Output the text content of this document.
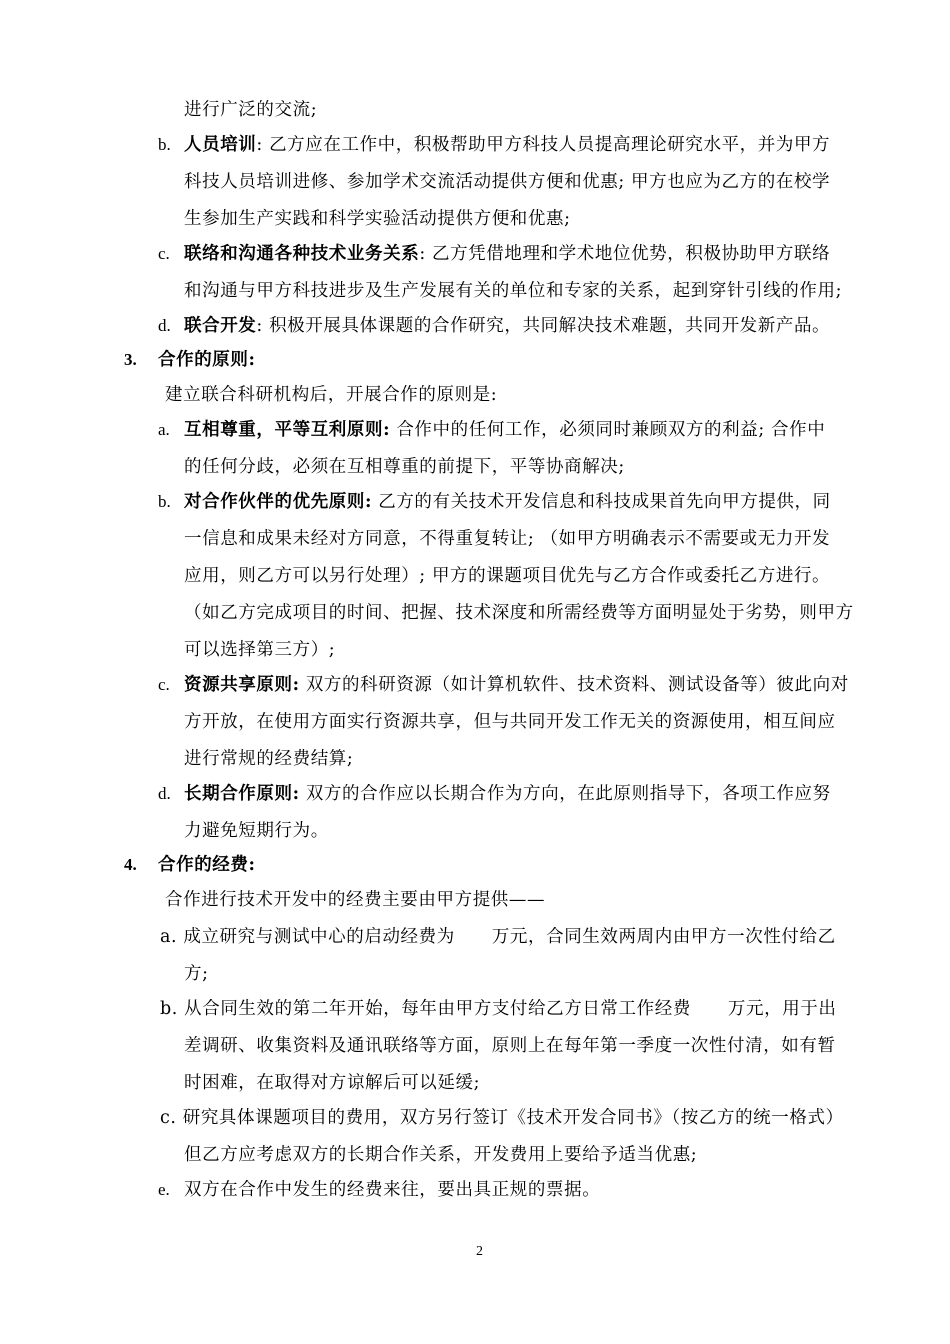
进行广泛的交流;
b. 人员培训: 乙方应在工作中，积极帮助甲方科技人员提高理论研究水平，并为甲方
科技人员培训进修、参加学术交流活动提供方便和优惠; 甲方也应为乙方的在校学
生参加生产实践和科学实验活动提供方便和优惠;
c. 联络和沟通各种技术业务关系: 乙方凭借地理和学术地位优势，积极协助甲方联络
和沟通与甲方科技进步及生产发展有关的单位和专家的关系，起到穿针引线的作用;
d. 联合开发: 积极开展具体课题的合作研究，共同解决技术难题，共同开发新产品。
3. 合作的原则:
建立联合科研机构后，开展合作的原则是:
a. 互相尊重，平等互利原则: 合作中的任何工作，必须同时兼顾双方的利益; 合作中
的任何分歧，必须在互相尊重的前提下，平等协商解决;
b. 对合作伙伴的优先原则: 乙方的有关技术开发信息和科技成果首先向甲方提供，同
一信息和成果未经对方同意，不得重复转让; （如甲方明确表示不需要或无力开发
应用，则乙方可以另行处理）; 甲方的课题项目优先与乙方合作或委托乙方进行。
（如乙方完成项目的时间、把握、技术深度和所需经费等方面明显处于劣势，则甲方
可以选择第三方）;
c. 资源共享原则: 双方的科研资源（如计算机软件、技术资料、测试设备等）彼此向对
方开放，在使用方面实行资源共享，但与共同开发工作无关的资源使用，相互间应
进行常规的经费结算;
d. 长期合作原则: 双方的合作应以长期合作为方向，在此原则指导下，各项工作应努
力避免短期行为。
4. 合作的经费:
合作进行技术开发中的经费主要由甲方提供——
a. 成立研究与测试中心的启动经费为      万元，合同生效两周内由甲方一次性付给乙
方;
b. 从合同生效的第二年开始，每年由甲方支付给乙方日常工作经费      万元，用于出
差调研、收集资料及通讯联络等方面，原则上在每年第一季度一次性付清，如有暂
时困难，在取得对方谅解后可以延缓;
c. 研究具体课题项目的费用，双方另行签订《技术开发合同书》（按乙方的统一格式）
但乙方应考虑双方的长期合作关系，开发费用上要给予适当优惠;
e. 双方在合作中发生的经费来往，要出具正规的票据。
2
